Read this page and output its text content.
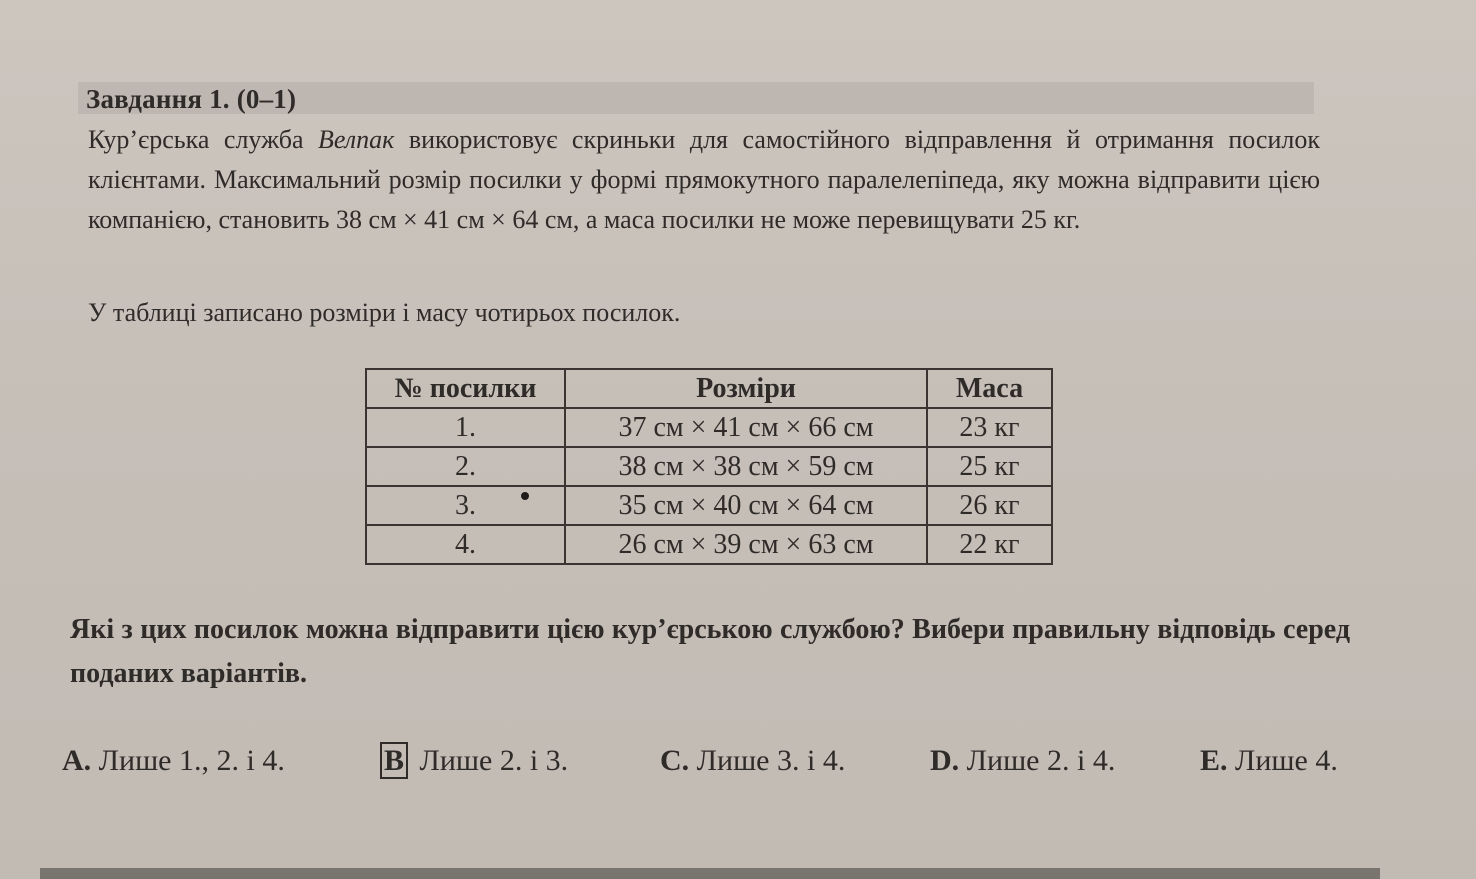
Завдання 1. (0–1)

Кур’єрська служба Велпак використовує скриньки для самостійного відправлення й отримання посилок клієнтами. Максимальний розмір посилки у формі прямокутного паралелепіпеда, яку можна відправити цією компанією, становить 38 см × 41 см × 64 см, а маса посилки не може перевищувати 25 кг.

У таблиці записано розміри і масу чотирьох посилок.

№ посилки	Розміри	Маса
1.	37 см × 41 см × 66 см	23 кг
2.	38 см × 38 см × 59 см	25 кг
3.	35 см × 40 см × 64 см	26 кг
4.	26 см × 39 см × 63 см	22 кг

Які з цих посилок можна відправити цією кур’єрською службою? Вибери правильну відповідь серед поданих варіантів.

А. Лише 1., 2. і 4.	B Лише 2. і 3.	С. Лише 3. і 4.	D. Лише 2. і 4.	Е. Лише 4.
